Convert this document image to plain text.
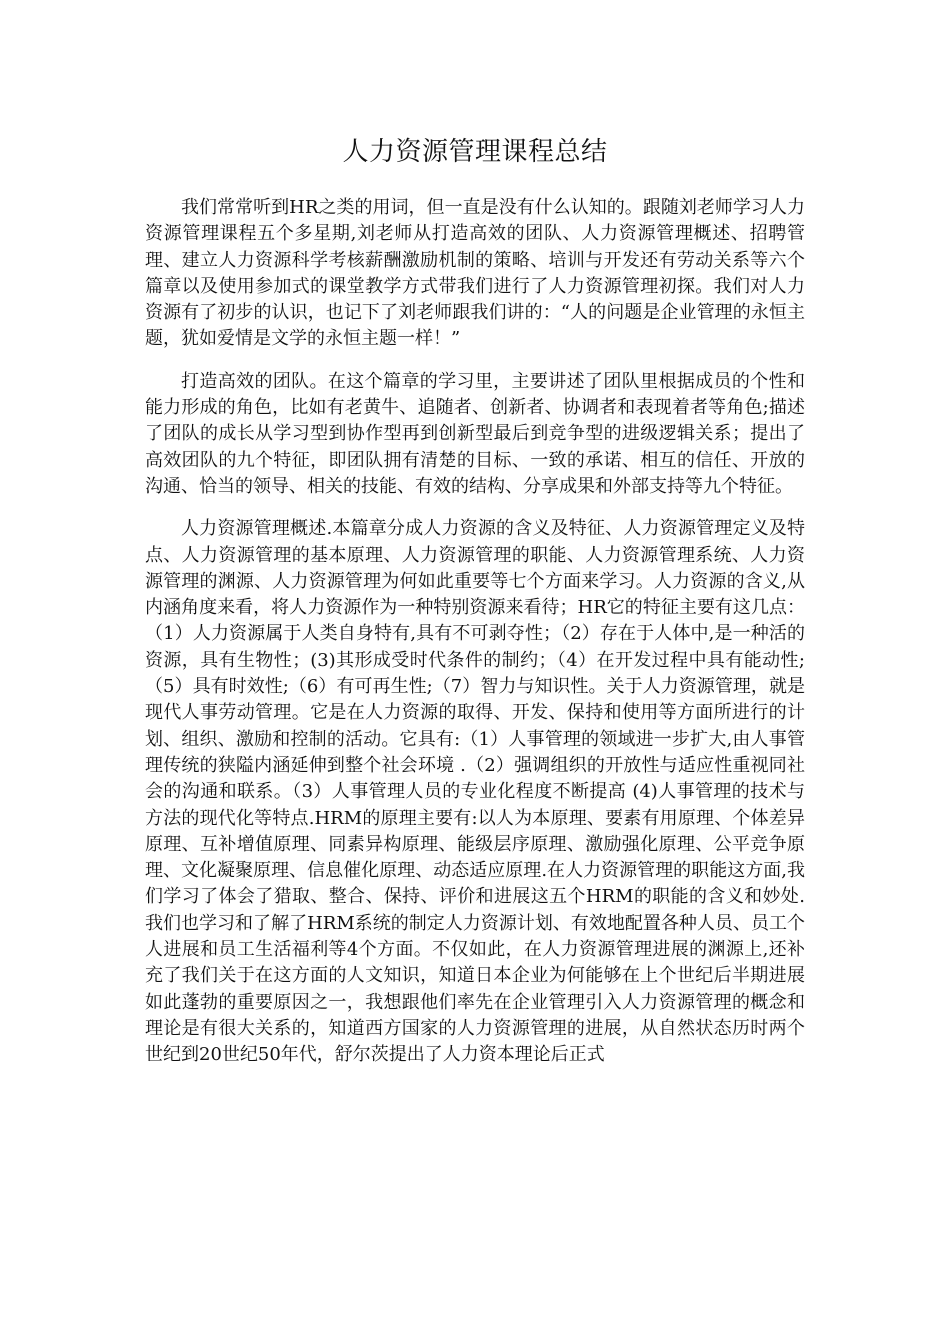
人力资源管理课程总结

我们常常听到HR之类的用词，但一直是没有什么认知的。跟随刘老师学习人力资源管理课程五个多星期,刘老师从打造高效的团队、人力资源管理概述、招聘管理、建立人力资源科学考核薪酬激励机制的策略、培训与开发还有劳动关系等六个篇章以及使用参加式的课堂教学方式带我们进行了人力资源管理初探。我们对人力资源有了初步的认识，也记下了刘老师跟我们讲的：“人的问题是企业管理的永恒主题，犹如爱情是文学的永恒主题一样！”

打造高效的团队。在这个篇章的学习里，主要讲述了团队里根据成员的个性和能力形成的角色，比如有老黄牛、追随者、创新者、协调者和表现着者等角色;描述了团队的成长从学习型到协作型再到创新型最后到竞争型的进级逻辑关系；提出了高效团队的九个特征，即团队拥有清楚的目标、一致的承诺、相互的信任、开放的沟通、恰当的领导、相关的技能、有效的结构、分享成果和外部支持等九个特征。

人力资源管理概述.本篇章分成人力资源的含义及特征、人力资源管理定义及特点、人力资源管理的基本原理、人力资源管理的职能、人力资源管理系统、人力资源管理的渊源、人力资源管理为何如此重要等七个方面来学习。人力资源的含义,从内涵角度来看，将人力资源作为一种特别资源来看待；HR它的特征主要有这几点：（1）人力资源属于人类自身特有,具有不可剥夺性；（2）存在于人体中,是一种活的资源，具有生物性；(3)其形成受时代条件的制约；（4）在开发过程中具有能动性;（5）具有时效性;（6）有可再生性;（7）智力与知识性。关于人力资源管理，就是现代人事劳动管理。它是在人力资源的取得、开发、保持和使用等方面所进行的计划、组织、激励和控制的活动。它具有:（1）人事管理的领域进一步扩大,由人事管理传统的狭隘内涵延伸到整个社会环境 .（2）强调组织的开放性与适应性重视同社会的沟通和联系。（3）人事管理人员的专业化程度不断提高 (4)人事管理的技术与方法的现代化等特点.HRM的原理主要有:以人为本原理、要素有用原理、个体差异原理、互补增值原理、同素异构原理、能级层序原理、激励强化原理、公平竞争原理、文化凝聚原理、信息催化原理、动态适应原理.在人力资源管理的职能这方面,我们学习了体会了猎取、整合、保持、评价和进展这五个HRM的职能的含义和妙处.我们也学习和了解了HRM系统的制定人力资源计划、有效地配置各种人员、员工个人进展和员工生活福利等4个方面。不仅如此，在人力资源管理进展的渊源上,还补充了我们关于在这方面的人文知识，知道日本企业为何能够在上个世纪后半期进展如此蓬勃的重要原因之一，我想跟他们率先在企业管理引入人力资源管理的概念和理论是有很大关系的，知道西方国家的人力资源管理的进展，从自然状态历时两个世纪到20世纪50年代，舒尔茨提出了人力资本理论后正式
